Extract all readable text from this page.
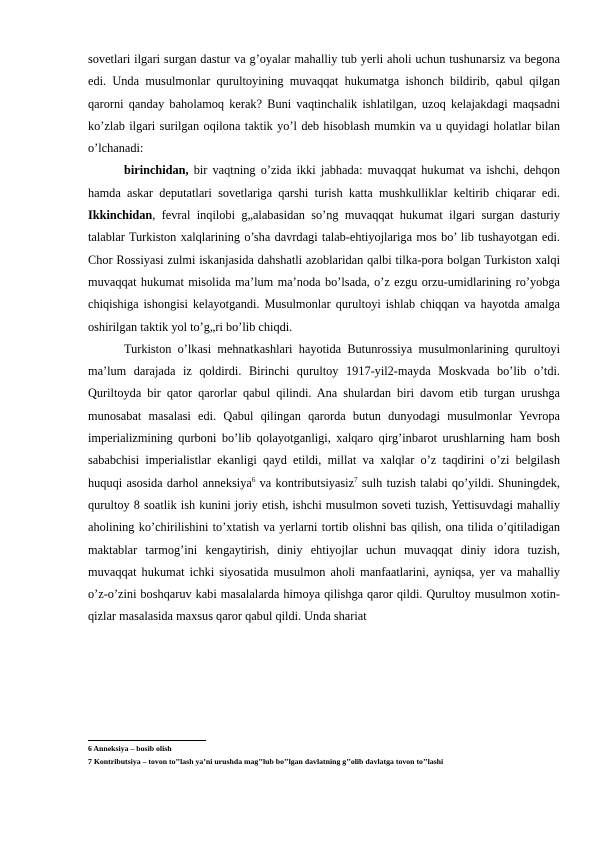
sovetlari ilgari surgan dastur va g’oyalar mahalliy tub yerli aholi uchun tushunarsiz va begona edi. Unda musulmonlar qurultoyining muvaqqat hukumatga ishonch bildirib, qabul qilgan qarorni qanday baholamoq kerak? Buni vaqtinchalik ishlatilgan, uzoq kelajakdagi maqsadni ko’zlab ilgari surilgan oqilona taktik yo’l deb hisoblash mumkin va u quyidagi holatlar bilan o’lchanadi:

birinchidan, bir vaqtning o’zida ikki jabhada: muvaqqat hukumat va ishchi, dehqon hamda askar deputatlari sovetlariga qarshi turish katta mushkulliklar keltirib chiqarar edi. Ikkinchidan, fevral inqilobi g„alabasidan so’ng muvaqqat hukumat ilgari surgan dasturiy talablar Turkiston xalqlarining o’sha davrdagi talab-ehtiyojlariga mos bo’ lib tushayotgan edi. Chor Rossiyasi zulmi iskanjasida dahshatli azoblaridan qalbi tilka-pora bolgan Turkiston xalqi muvaqqat hukumat misolida ma’lum ma’noda bo’lsada, o’z ezgu orzu-umidlarining ro’yobga chiqishiga ishongisi kelayotgandi. Musulmonlar qurultoyi ishlab chiqqan va hayotda amalga oshirilgan taktik yol to’g„ri bo’lib chiqdi.

Turkiston o’lkasi mehnatkashlari hayotida Butunrossiya musulmonlarining qurultoyi ma’lum darajada iz qoldirdi. Birinchi qurultoy 1917-yil2-mayda Moskvada bo’lib o’tdi. Quriltoyda bir qator qarorlar qabul qilindi. Ana shulardan biri davom etib turgan urushga munosabat masalasi edi. Qabul qilingan qarorda butun dunyodagi musulmonlar Yevropa imperializmining qurboni bo’lib qolayotganligi, xalqaro qirg’inbarot urushlarning ham bosh sababchisi imperialistlar ekanligi qayd etildi, millat va xalqlar o’z taqdirini o’zi belgilash huquqi asosida darhol anneksiya$^6$ va kontributsiyasiz$^7$ sulh tuzish talabi qo’yildi. Shuningdek, qurultoy 8 soatlik ish kunini joriy etish, ishchi musulmon soveti tuzish, Yettisuvdagi mahalliy aholining ko’chirilishini to’xtatish va yerlarni tortib olishni bas qilish, ona tilida o’qitiladigan maktablar tarmog’ini kengaytirish, diniy ehtiyojlar uchun muvaqqat diniy idora tuzish, muvaqqat hukumat ichki siyosatida musulmon aholi manfaatlarini, ayniqsa, yer va mahalliy o’z-o’zini boshqaruv kabi masalalarda himoya qilishga qaror qildi. Qurultoy musulmon xotin-qizlar masalasida maxsus qaror qabul qildi. Unda shariat

6 Anneksiya – bosib olish
7 Kontributsiya – tovon to’’lash ya’ni urushda mag’’lub bo’’lgan davlatning g’’olib davlatga tovon to’’lashi
